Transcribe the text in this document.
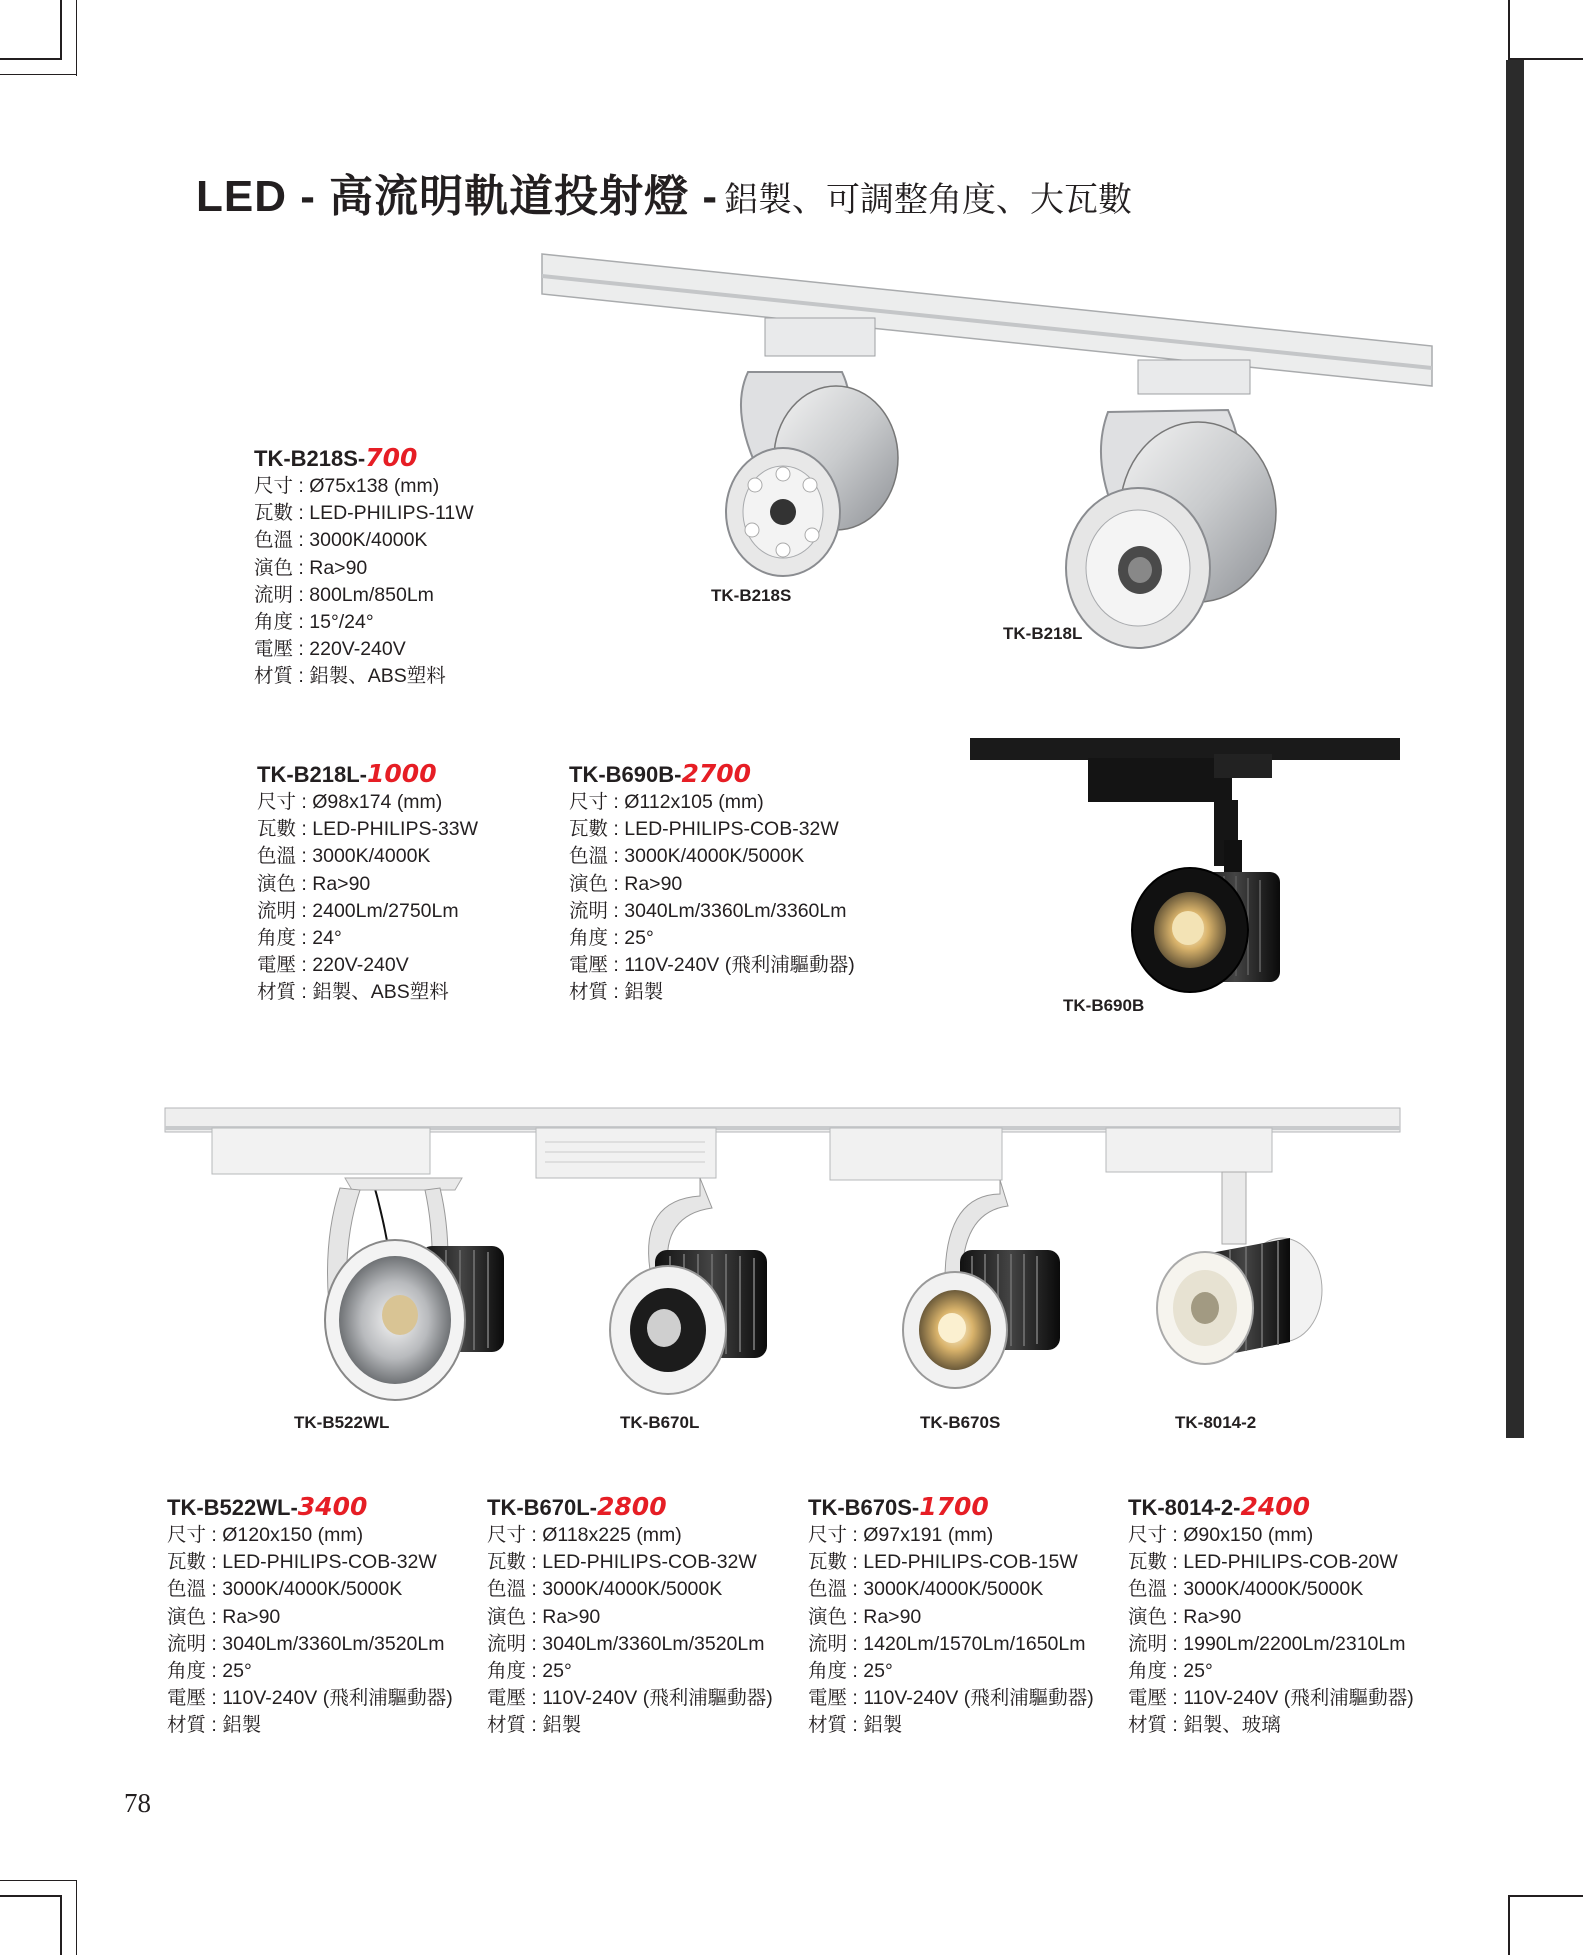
LED - 高流明軌道投射燈 - 鋁製、可調整角度、大瓦數
TK-B218S
TK-B218L
TK-B690B
TK-B522WL	TK-B670L	TK-B670S	TK-8014-2
TK-B218S-700
尺寸 : Ø75x138 (mm)
瓦數 : LED-PHILIPS-11W
色溫 : 3000K/4000K
演色 : Ra>90
流明 : 800Lm/850Lm
角度 : 15°/24°
電壓 : 220V-240V
材質 : 鋁製、ABS塑料
TK-B218L-1000
尺寸 : Ø98x174 (mm)
瓦數 : LED-PHILIPS-33W
色溫 : 3000K/4000K
演色 : Ra>90
流明 : 2400Lm/2750Lm
角度 : 24°
電壓 : 220V-240V
材質 : 鋁製、ABS塑料
TK-B690B-2700
尺寸 : Ø112x105 (mm)
瓦數 : LED-PHILIPS-COB-32W
色溫 : 3000K/4000K/5000K
演色 : Ra>90
流明 : 3040Lm/3360Lm/3360Lm
角度 : 25°
電壓 : 110V-240V (飛利浦驅動器)
材質 : 鋁製
TK-B522WL-3400
尺寸 : Ø120x150 (mm)
瓦數 : LED-PHILIPS-COB-32W
色溫 : 3000K/4000K/5000K
演色 : Ra>90
流明 : 3040Lm/3360Lm/3520Lm
角度 : 25°
電壓 : 110V-240V (飛利浦驅動器)
材質 : 鋁製
TK-B670L-2800
尺寸 : Ø118x225 (mm)
瓦數 : LED-PHILIPS-COB-32W
色溫 : 3000K/4000K/5000K
演色 : Ra>90
流明 : 3040Lm/3360Lm/3520Lm
角度 : 25°
電壓 : 110V-240V (飛利浦驅動器)
材質 : 鋁製
TK-B670S-1700
尺寸 : Ø97x191 (mm)
瓦數 : LED-PHILIPS-COB-15W
色溫 : 3000K/4000K/5000K
演色 : Ra>90
流明 : 1420Lm/1570Lm/1650Lm
角度 : 25°
電壓 : 110V-240V (飛利浦驅動器)
材質 : 鋁製
TK-8014-2-2400
尺寸 : Ø90x150 (mm)
瓦數 : LED-PHILIPS-COB-20W
色溫 : 3000K/4000K/5000K
演色 : Ra>90
流明 : 1990Lm/2200Lm/2310Lm
角度 : 25°
電壓 : 110V-240V (飛利浦驅動器)
材質 : 鋁製、玻璃
78
